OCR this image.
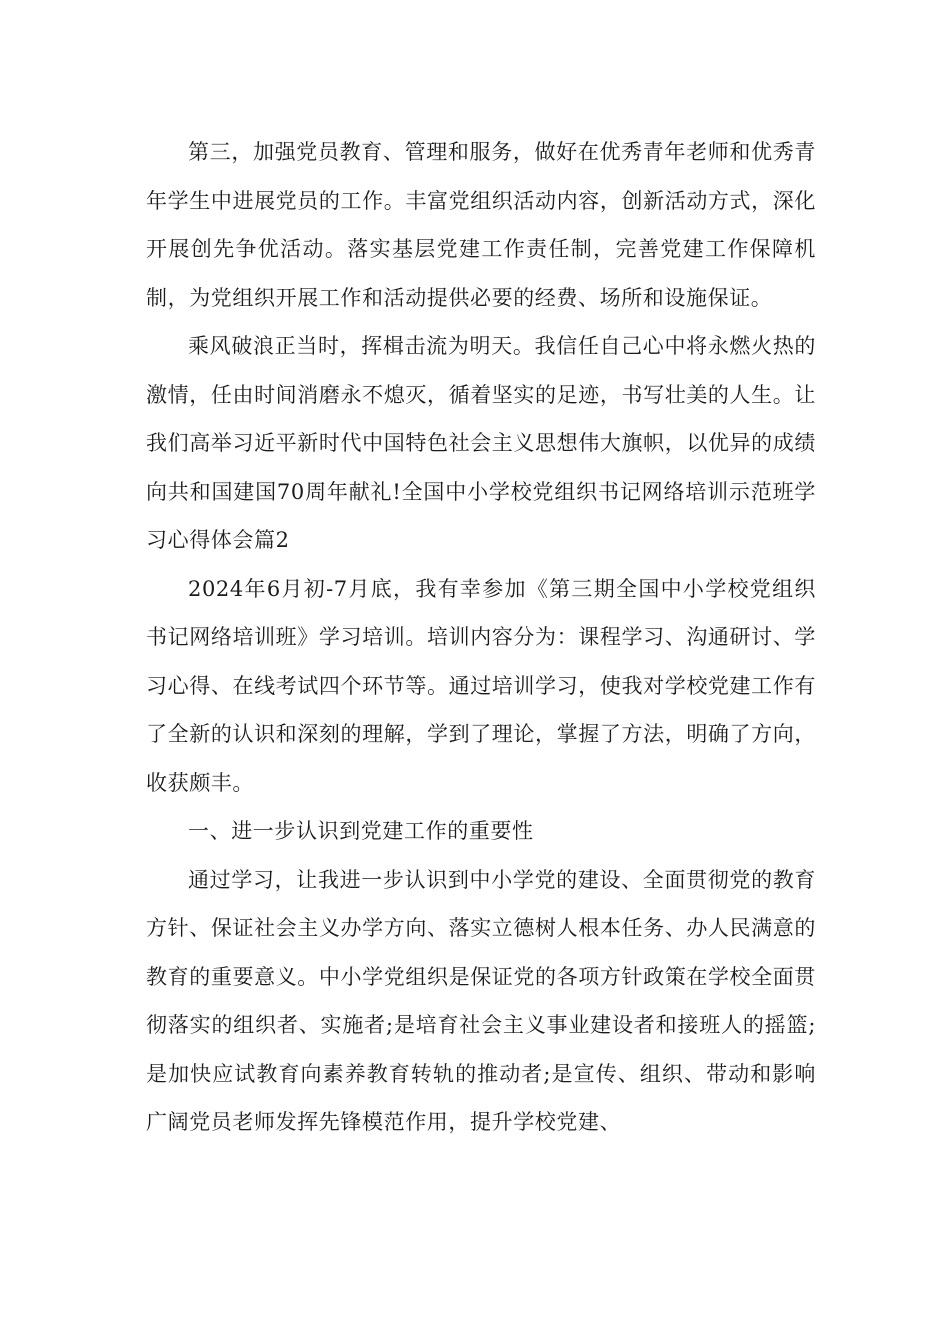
第三，加强党员教育、管理和服务，做好在优秀青年老师和优秀青年学生中进展党员的工作。丰富党组织活动内容，创新活动方式，深化开展创先争优活动。落实基层党建工作责任制，完善党建工作保障机制，为党组织开展工作和活动提供必要的经费、场所和设施保证。

乘风破浪正当时，挥楫击流为明天。我信任自己心中将永燃火热的激情，任由时间消磨永不熄灭，循着坚实的足迹，书写壮美的人生。让我们高举习近平新时代中国特色社会主义思想伟大旗帜，以优异的成绩向共和国建国70周年献礼!全国中小学校党组织书记网络培训示范班学习心得体会篇2

2024年6月初-7月底，我有幸参加《第三期全国中小学校党组织书记网络培训班》学习培训。培训内容分为：课程学习、沟通研讨、学习心得、在线考试四个环节等。通过培训学习，使我对学校党建工作有了全新的认识和深刻的理解，学到了理论，掌握了方法，明确了方向，收获颇丰。

一、进一步认识到党建工作的重要性

通过学习，让我进一步认识到中小学党的建设、全面贯彻党的教育方针、保证社会主义办学方向、落实立德树人根本任务、办人民满意的教育的重要意义。中小学党组织是保证党的各项方针政策在学校全面贯彻落实的组织者、实施者;是培育社会主义事业建设者和接班人的摇篮;是加快应试教育向素养教育转轨的推动者;是宣传、组织、带动和影响广阔党员老师发挥先锋模范作用，提升学校党建、
